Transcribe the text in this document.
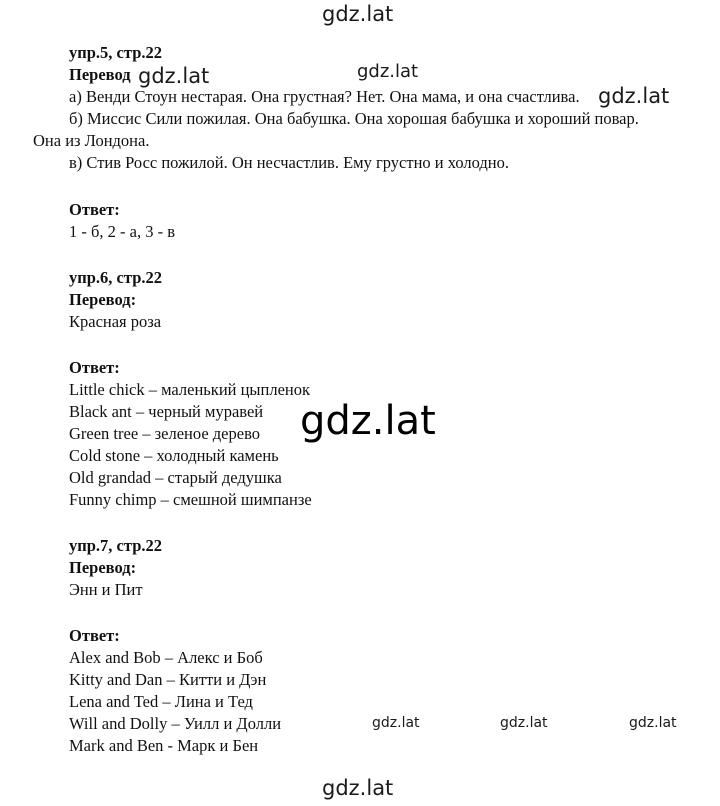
gdz.lat
gdz.lat	gdz.lat
gdz.lat
gdz.lat
gdz.lat	gdz.lat	gdz.lat
gdz.lat
упр.5, стр.22
Перевод
а) Венди Стоун нестарая. Она грустная? Нет. Она мама, и она счастлива.
б) Миссис Сили пожилая. Она бабушка. Она хорошая бабушка и хороший повар.
Она из Лондона.
в) Стив Росс пожилой. Он несчастлив. Ему грустно и холодно.
Ответ:
1 - б, 2 - а, 3 - в
упр.6, стр.22
Перевод:
Красная роза
Ответ:
Little chick – маленький цыпленок
Black ant – черный муравей
Green tree – зеленое дерево
Cold stone – холодный камень
Old grandad – старый дедушка
Funny chimp – смешной шимпанзе
упр.7, стр.22
Перевод:
Энн и Пит
Ответ:
Alex and Bob – Алекс и Боб
Kitty and Dan – Китти и Дэн
Lena and Ted – Лина и Тед
Will and Dolly – Уилл и Долли
Mark and Ben - Марк и Бен
